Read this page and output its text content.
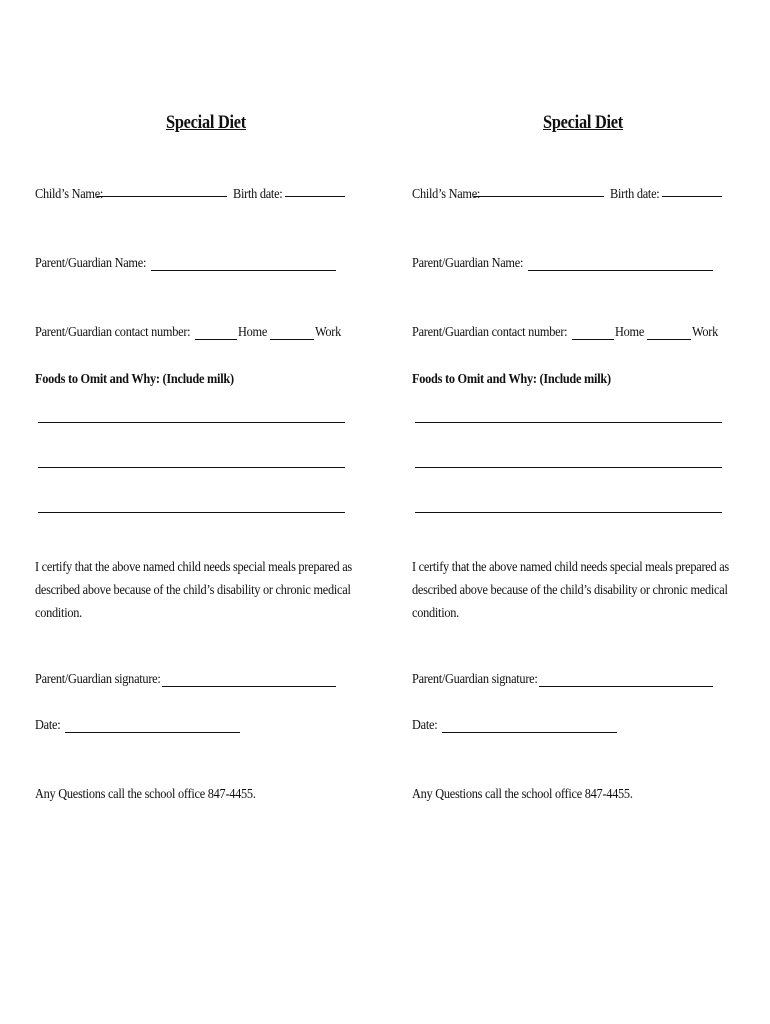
Special Diet
Child’s Name:	Birth date:
Parent/Guardian Name:
Parent/Guardian contact number:	Home	Work
Foods to Omit and Why: (Include milk)
I certify that the above named child needs special meals prepared as described above because of the child’s disability or chronic medical condition.
Parent/Guardian signature:
Date:
Any Questions call the school office 847-4455.
Special Diet
Child’s Name:	Birth date:
Parent/Guardian Name:
Parent/Guardian contact number:	Home	Work
Foods to Omit and Why: (Include milk)
I certify that the above named child needs special meals prepared as described above because of the child’s disability or chronic medical condition.
Parent/Guardian signature:
Date:
Any Questions call the school office 847-4455.
